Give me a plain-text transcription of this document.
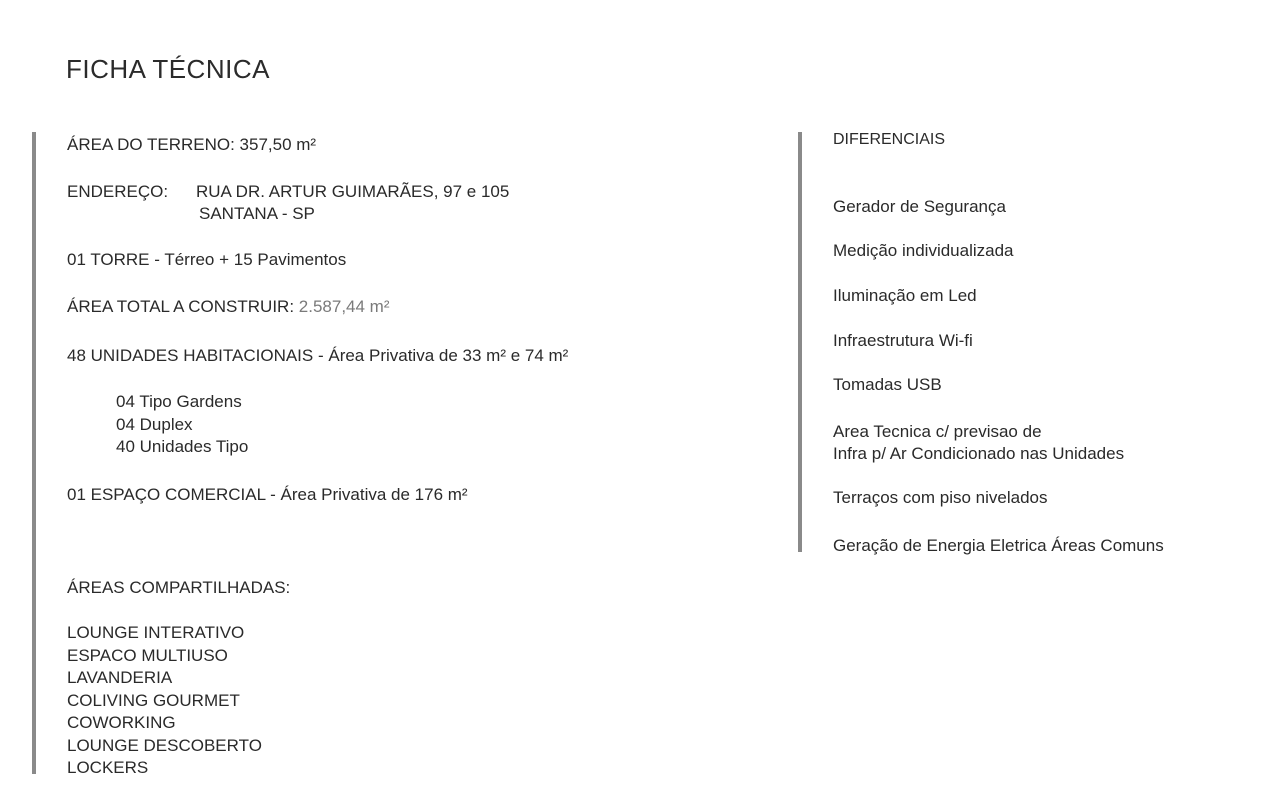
FICHA TÉCNICA
ÁREA DO TERRENO: 357,50 m²
ENDEREÇO: RUA DR. ARTUR GUIMARÃES, 97 e 105
SANTANA - SP
01 TORRE - Térreo + 15 Pavimentos
ÁREA TOTAL A CONSTRUIR: 2.587,44 m²
48 UNIDADES HABITACIONAIS - Área Privativa de 33 m² e 74 m²
04 Tipo Gardens
04 Duplex
40 Unidades Tipo
01 ESPAÇO COMERCIAL - Área Privativa de 176 m²
ÁREAS COMPARTILHADAS:
LOUNGE INTERATIVO
ESPACO MULTIUSO
LAVANDERIA
COLIVING GOURMET
COWORKING
LOUNGE DESCOBERTO
LOCKERS
DIFERENCIAIS
Gerador de Segurança
Medição individualizada
Iluminação em Led
Infraestrutura Wi-fi
Tomadas USB
Area Tecnica c/ previsao de
Infra p/ Ar Condicionado nas Unidades
Terraços com piso nivelados
Geração de Energia Eletrica Áreas Comuns
